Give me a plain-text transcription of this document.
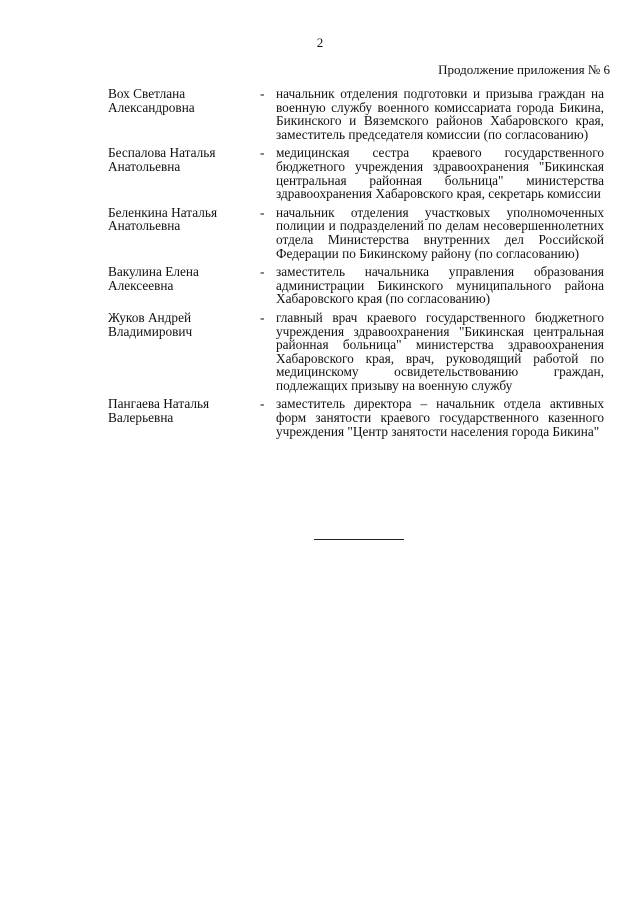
2
Продолжение приложения № 6
Вох Светлана
Александровна
- начальник отделения подготовки и призыва граждан на военную службу военного комиссариата города Бикина, Бикинского и Вяземского районов Хабаровского края, заместитель председателя комиссии (по согласованию)
Беспалова Наталья
Анатольевна
- медицинская сестра краевого государственного бюджетного учреждения здравоохранения "Бикинская центральная районная больница" министерства здравоохранения Хабаровского края, секретарь комиссии
Беленкина Наталья
Анатольевна
- начальник отделения участковых уполномоченных полиции и подразделений по делам несовершеннолетних отдела Министерства внутренних дел Российской Федерации по Бикинскому району (по согласованию)
Вакулина Елена
Алексеевна
- заместитель начальника управления образования администрации Бикинского муниципального района Хабаровского края (по согласованию)
Жуков Андрей
Владимирович
- главный врач краевого государственного бюджетного учреждения здравоохранения "Бикинская центральная районная больница" министерства здравоохранения Хабаровского края, врач, руководящий работой по медицинскому освидетельствованию граждан, подлежащих призыву на военную службу
Пангаева Наталья
Валерьевна
- заместитель директора – начальник отдела активных форм занятости краевого государственного казенного учреждения "Центр занятости населения города Бикина"
